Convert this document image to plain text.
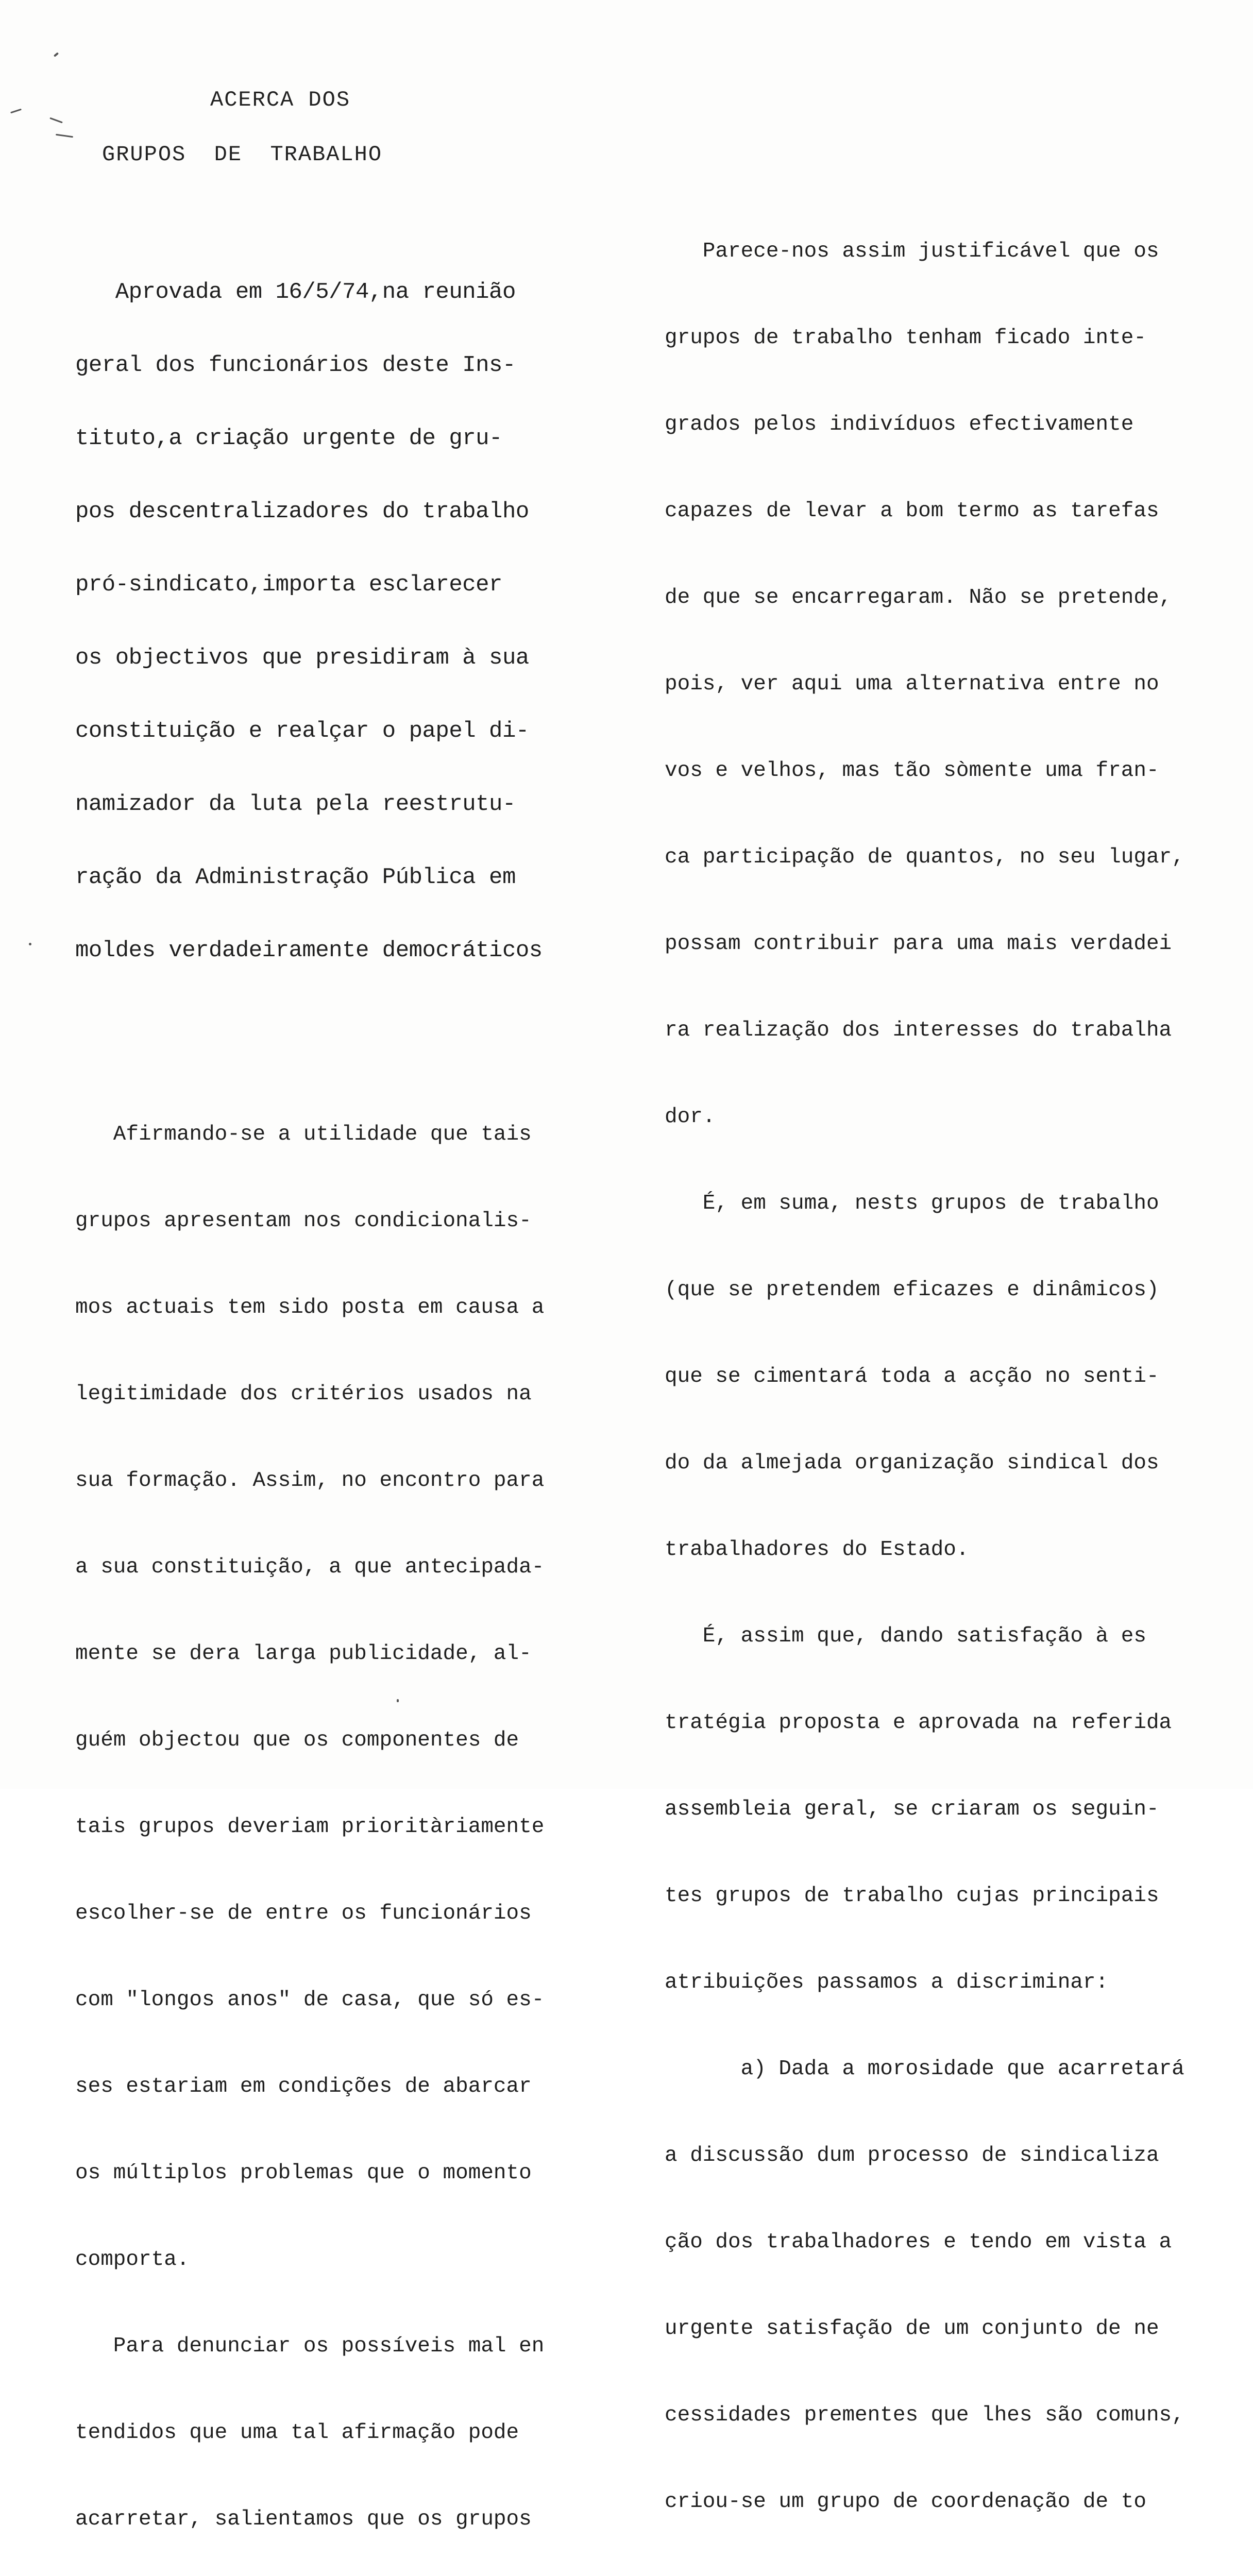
ACERCA DOS
GRUPOS  DE  TRABALHO

Aprovada em 16/5/74,na reunião

geral dos funcionários deste Ins-

tituto,a criação urgente de gru-

pos descentralizadores do trabalho

pró-sindicato,importa esclarecer

os objectivos que presidiram à sua

constituição e realçar o papel di-

namizador da luta pela reestrutu-

ração da Administração Pública em

moldes verdadeiramente democráticos

Afirmando-se a utilidade que tais

grupos apresentam nos condicionalis-

mos actuais tem sido posta em causa a

legitimidade dos critérios usados na

sua formação. Assim, no encontro para

a sua constituição, a que antecipada-

mente se dera larga publicidade, al-

guém objectou que os componentes de

tais grupos deveriam prioritàriamente

escolher-se de entre os funcionários

com "longos anos" de casa, que só es-

ses estariam em condições de abarcar

os múltiplos problemas que o momento

comporta.

Para denunciar os possíveis mal en

tendidos que uma tal afirmação pode

acarretar, salientamos que os grupos

Parece-nos assim justificável que os

grupos de trabalho tenham ficado inte-

grados pelos indivíduos efectivamente

capazes de levar a bom termo as tarefas

de que se encarregaram. Não se pretende,

pois, ver aqui uma alternativa entre no

vos e velhos, mas tão sòmente uma fran-

ca participação de quantos, no seu lugar,

possam contribuir para uma mais verdadei

ra realização dos interesses do trabalha

dor.

É, em suma, nests grupos de trabalho

(que se pretendem eficazes e dinâmicos)

que se cimentará toda a acção no senti-

do da almejada organização sindical dos

trabalhadores do Estado.

É, assim que, dando satisfação à es

tratégia proposta e aprovada na referida

assembleia geral, se criaram os seguin-

tes grupos de trabalho cujas principais

atribuições passamos a discriminar:

a) Dada a morosidade que acarretará

a discussão dum processo de sindicaliza

ção dos trabalhadores e tendo em vista a

urgente satisfação de um conjunto de ne

cessidades prementes que lhes são comuns,

criou-se um grupo de coordenação de to
